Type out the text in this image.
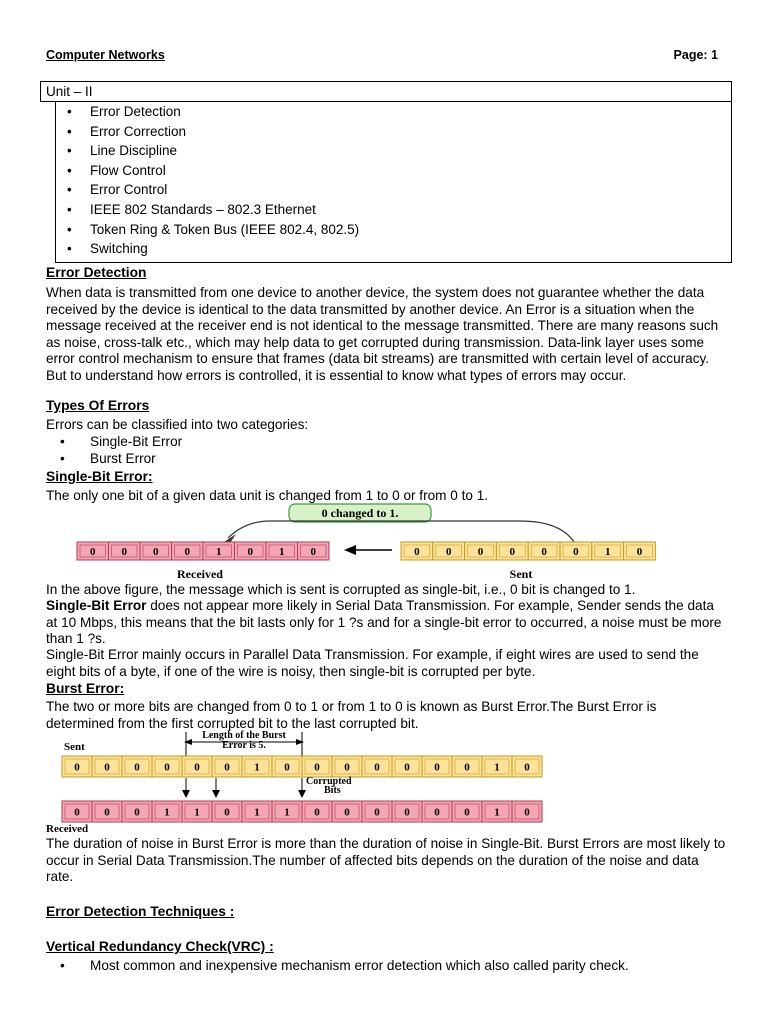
Computer Networks	Page: 1
Unit – II
• Error Detection
• Error Correction
• Line Discipline
• Flow Control
• Error Control
• IEEE 802 Standards – 802.3 Ethernet
• Token Ring & Token Bus (IEEE 802.4, 802.5)
• Switching
Error Detection
When data is transmitted from one device to another device, the system does not guarantee whether the data received by the device is identical to the data transmitted by another device. An Error is a situation when the message received at the receiver end is not identical to the message transmitted. There are many reasons such as noise, cross-talk etc., which may help data to get corrupted during transmission. Data-link layer uses some error control mechanism to ensure that frames (data bit streams) are transmitted with certain level of accuracy. But to understand how errors is controlled, it is essential to know what types of errors may occur.
Types Of Errors
Errors can be classified into two categories:
• Single-Bit Error
• Burst Error
Single-Bit Error:
The only one bit of a given data unit is changed from 1 to 0 or from 0 to 1.
0 changed to 1.
0 0 0 0 1 0 1 0	0 0 0 0 0 0 1 0
Received	Sent
In the above figure, the message which is sent is corrupted as single-bit, i.e., 0 bit is changed to 1.
Single-Bit Error does not appear more likely in Serial Data Transmission. For example, Sender sends the data at 10 Mbps, this means that the bit lasts only for 1 ?s and for a single-bit error to occurred, a noise must be more than 1 ?s.
Single-Bit Error mainly occurs in Parallel Data Transmission. For example, if eight wires are used to send the eight bits of a byte, if one of the wire is noisy, then single-bit is corrupted per byte.
Burst Error:
The two or more bits are changed from 0 to 1 or from 1 to 0 is known as Burst Error.The Burst Error is determined from the first corrupted bit to the last corrupted bit.
Sent
Length of the Burst
Error is 5.
0 0 0 0 0 0 1 0 0 0 0 0 0 0 1 0
0 0 0 1 1 0 1 1 0 0 0 0 0 0 1 0
Corrupted
Bits
Received
The duration of noise in Burst Error is more than the duration of noise in Single-Bit. Burst Errors are most likely to occur in Serial Data Transmission.The number of affected bits depends on the duration of the noise and data rate.
Error Detection Techniques :
Vertical Redundancy Check(VRC) :
• Most common and inexpensive mechanism error detection which also called parity check.
